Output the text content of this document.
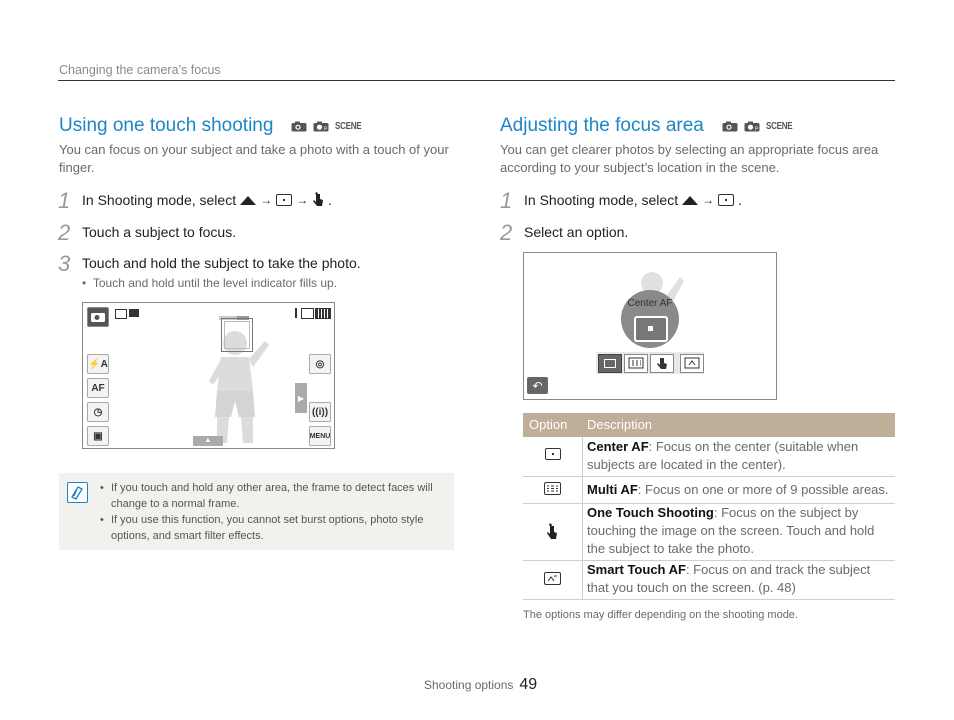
Changing the camera’s focus
Using one touch shooting	P SCENE
You can focus on your subject and take a photo with a touch of your finger.
1 In Shooting mode, select → → .
2 Touch a subject to focus.
3 Touch and hold the subject to take the photo.
•  Touch and hold until the level indicator fills up.
⚡A
AF
◷
▣
◎
((i))
MENU
▶
▲
• If you touch and hold any other area, the frame to detect faces will change to a normal frame.
• If you use this function, you cannot set burst options, photo style options, and smart filter effects.
Adjusting the focus area	P SCENE
You can get clearer photos by selecting an appropriate focus area according to your subject’s location in the scene.
1 In Shooting mode, select → .
2 Select an option.
Center AF
↶
Option Description
Center AF: Focus on the center (suitable when subjects are located in the center).
Multi AF: Focus on one or more of 9 possible areas.
One Touch Shooting: Focus on the subject by touching the image on the screen. Touch and hold the subject to take the photo.
Smart Touch AF: Focus on and track the subject that you touch on the screen. (p. 48)
The options may differ depending on the shooting mode.
Shooting options 49
